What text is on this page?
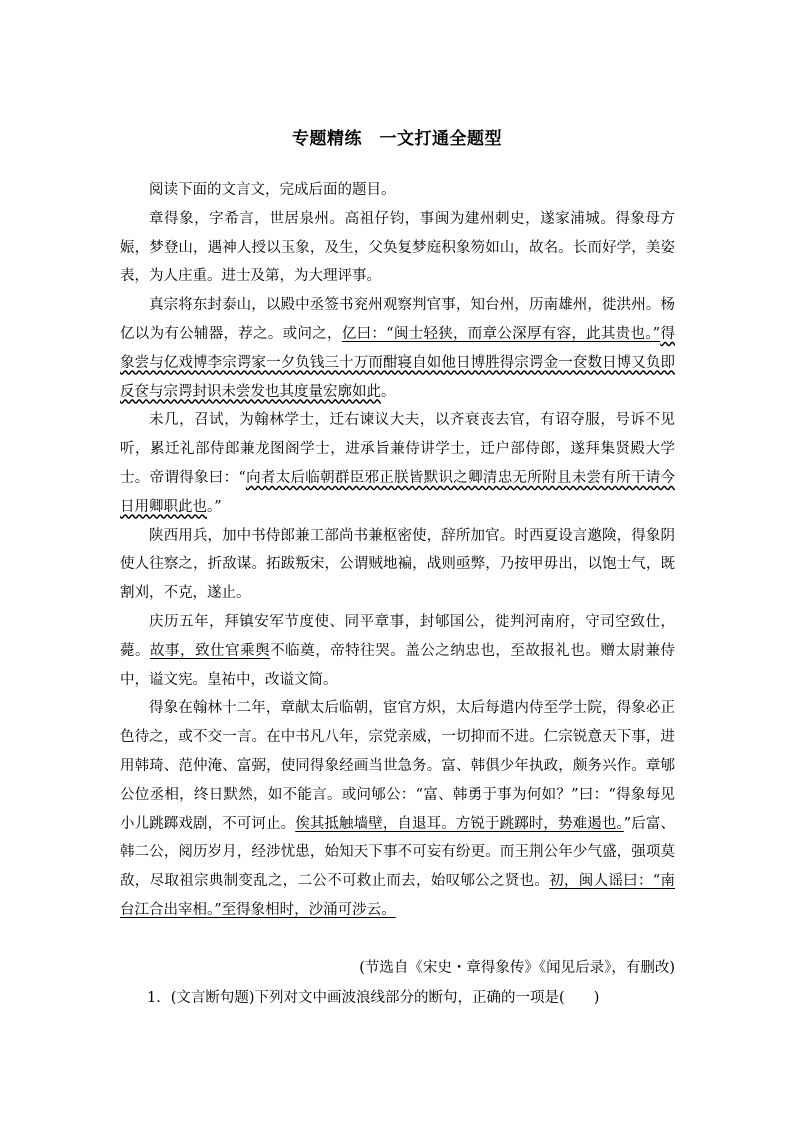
专题精练　一文打通全题型

阅读下面的文言文，完成后面的题目。

章得象，字希言，世居泉州。高祖仔钧，事闽为建州刺史，遂家浦城。得象母方娠，梦登山，遇神人授以玉象，及生，父奂复梦庭积象笏如山，故名。长而好学，美姿表，为人庄重。进士及第，为大理评事。

真宗将东封泰山，以殿中丞签书兖州观察判官事，知台州，历南雄州，徙洪州。杨亿以为有公辅器，荐之。或问之，亿曰：“闽士轻狭，而章公深厚有容，此其贵也。”得象尝与亿戏博李宗谔家一夕负钱三十万而酣寝自如他日博胜得宗谔金一奁数日博又负即反奁与宗谔封识未尝发也其度量宏廓如此。

未几，召试，为翰林学士，迁右谏议大夫，以齐衰丧去官，有诏夺服，号诉不见听，累迁礼部侍郎兼龙图阁学士，进承旨兼侍讲学士，迁户部侍郎，遂拜集贤殿大学士。帝谓得象曰：“向者太后临朝群臣邪正朕皆默识之卿清忠无所附且未尝有所干请今日用卿职此也。”

陕西用兵，加中书侍郎兼工部尚书兼枢密使，辞所加官。时西夏设言邀険，得象阴使人往察之，折敌谋。拓跋叛宋，公谓贼地褊，战则亟弊，乃按甲毋出，以饱士气，既割刈，不克，遂止。

庆历五年，拜镇安军节度使、同平章事，封郇国公，徙判河南府，守司空致仕，薨。故事，致仕官乘舆不临奠，帝特往哭。盖公之纳忠也，至故报礼也。赠太尉兼侍中，谥文宪。皇祐中，改谥文简。

得象在翰林十二年，章献太后临朝，宦官方炽，太后每遣内侍至学士院，得象必正色待之，或不交一言。在中书凡八年，宗党亲威，一切抑而不进。仁宗锐意天下事，进用韩琦、范仲淹、富弼，使同得象经画当世急务。富、韩俱少年执政，颇务兴作。章郇公位丞相，终日默然，如不能言。或问郇公：“富、韩勇于事为何如？”曰：“得象每见小儿跳踯戏剧，不可诃止。俟其抵触墙壁，自退耳。方锐于跳踯时，势难遏也。”后富、韩二公，阅历岁月，经涉忧患，始知天下事不可妄有纷更。而王荆公年少气盛，强项莫敌，尽取祖宗典制变乱之，二公不可救止而去，始叹郇公之贤也。初，闽人谣曰：“南台江合出宰相。”至得象相时，沙涌可涉云。

(节选自《宋史・章得象传》《闻见后录》，有删改)
1．(文言断句题)下列对文中画波浪线部分的断句，正确的一项是(　　)
